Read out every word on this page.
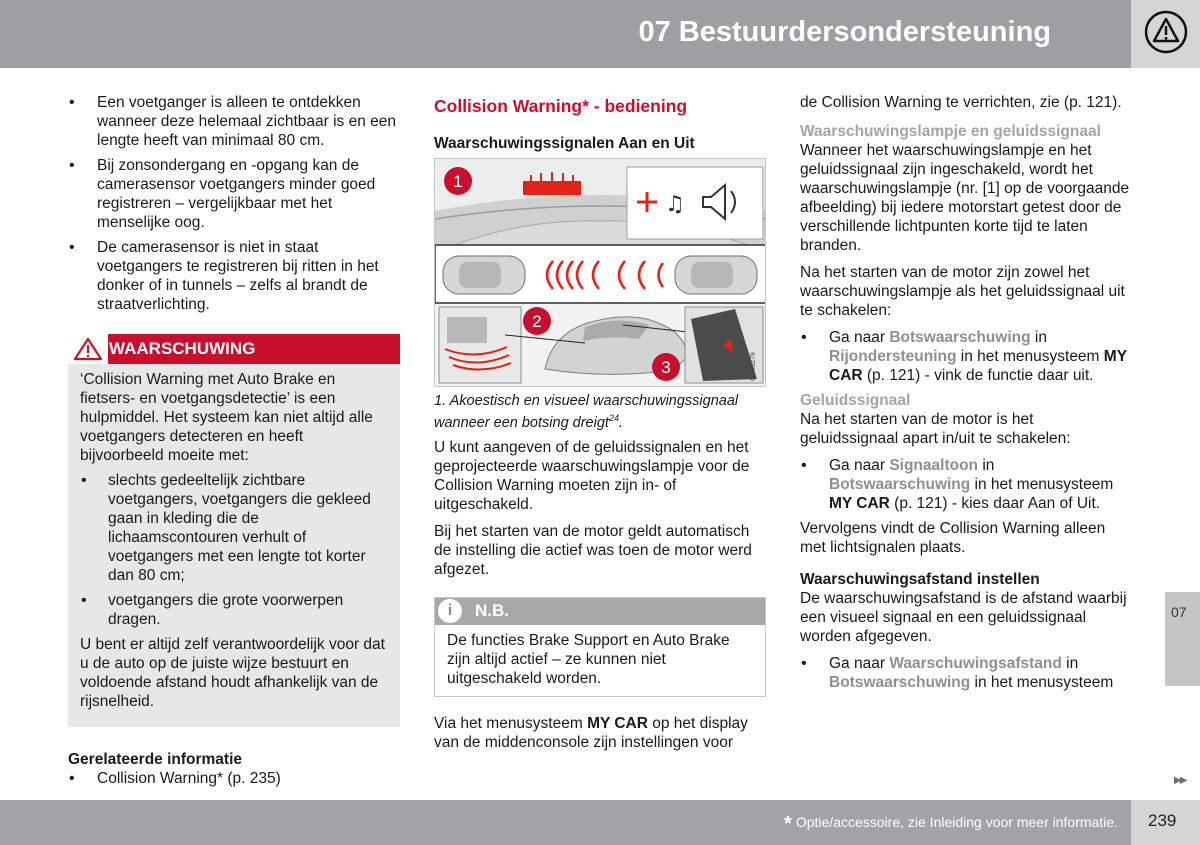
07 Bestuurdersondersteuning
• Een voetganger is alleen te ontdekken wanneer deze helemaal zichtbaar is en een lengte heeft van minimaal 80 cm.
• Bij zonsondergang en -opgang kan de camerasensor voetgangers minder goed registreren – vergelijkbaar met het menselijke oog.
• De camerasensor is niet in staat voetgangers te registreren bij ritten in het donker of in tunnels – zelfs al brandt de straatverlichting.
WAARSCHUWING

‘Collision Warning met Auto Brake en fietsers- en voetgangsdetectie’ is een hulpmiddel. Het systeem kan niet altijd alle voetgangers detecteren en heeft bijvoorbeeld moeite met:

• slechts gedeeltelijk zichtbare voetgangers, voetgangers die gekleed gaan in kleding die de lichaamscontouren verhult of voetgangers met een lengte tot korter dan 80 cm;
• voetgangers die grote voorwerpen dragen.

U bent er altijd zelf verantwoordelijk voor dat u de auto op de juiste wijze bestuurt en voldoende afstand houdt afhankelijk van de rijsnelheid.

Gerelateerde informatie
• Collision Warning* (p. 235)
Collision Warning* - bediening
Waarschuwingssignalen Aan en Uit
♫
1
2
3	G046279
1. Akoestisch en visueel waarschuwingssignaal wanneer een botsing dreigt$^{24}$.

U kunt aangeven of de geluidssignalen en het geprojecteerde waarschuwingslampje voor de Collision Warning moeten zijn in- of uitgeschakeld.

Bij het starten van de motor geldt automatisch de instelling die actief was toen de motor werd afgezet.

i	N.B.
De functies Brake Support en Auto Brake zijn altijd actief – ze kunnen niet uitgeschakeld worden.

Via het menusysteem MY CAR op het display van de middenconsole zijn instellingen voor

de Collision Warning te verrichten, zie (p. 121).

Waarschuwingslampje en geluidssignaal

Wanneer het waarschuwingslampje en het geluidssignaal zijn ingeschakeld, wordt het waarschuwingslampje (nr. [1] op de voorgaande afbeelding) bij iedere motorstart getest door de verschillende lichtpunten korte tijd te laten branden.

Na het starten van de motor zijn zowel het waarschuwingslampje als het geluidssignaal uit te schakelen:

• Ga naar Botswaarschuwing in Rijondersteuning in het menusysteem MY CAR (p. 121) - vink de functie daar uit.
Geluidssignaal

Na het starten van de motor is het geluidssignaal apart in/uit te schakelen:

• Ga naar Signaaltoon in Botswaarschuwing in het menusysteem MY CAR (p. 121) - kies daar Aan of Uit.

Vervolgens vindt de Collision Warning alleen met lichtsignalen plaats.

Waarschuwingsafstand instellen

De waarschuwingsafstand is de afstand waarbij een visueel signaal en een geluidssignaal worden afgegeven.

• Ga naar Waarschuwingsafstand in Botswaarschuwing in het menusysteem
07
▶▶
* Optie/accessoire, zie Inleiding voor meer informatie. 239
